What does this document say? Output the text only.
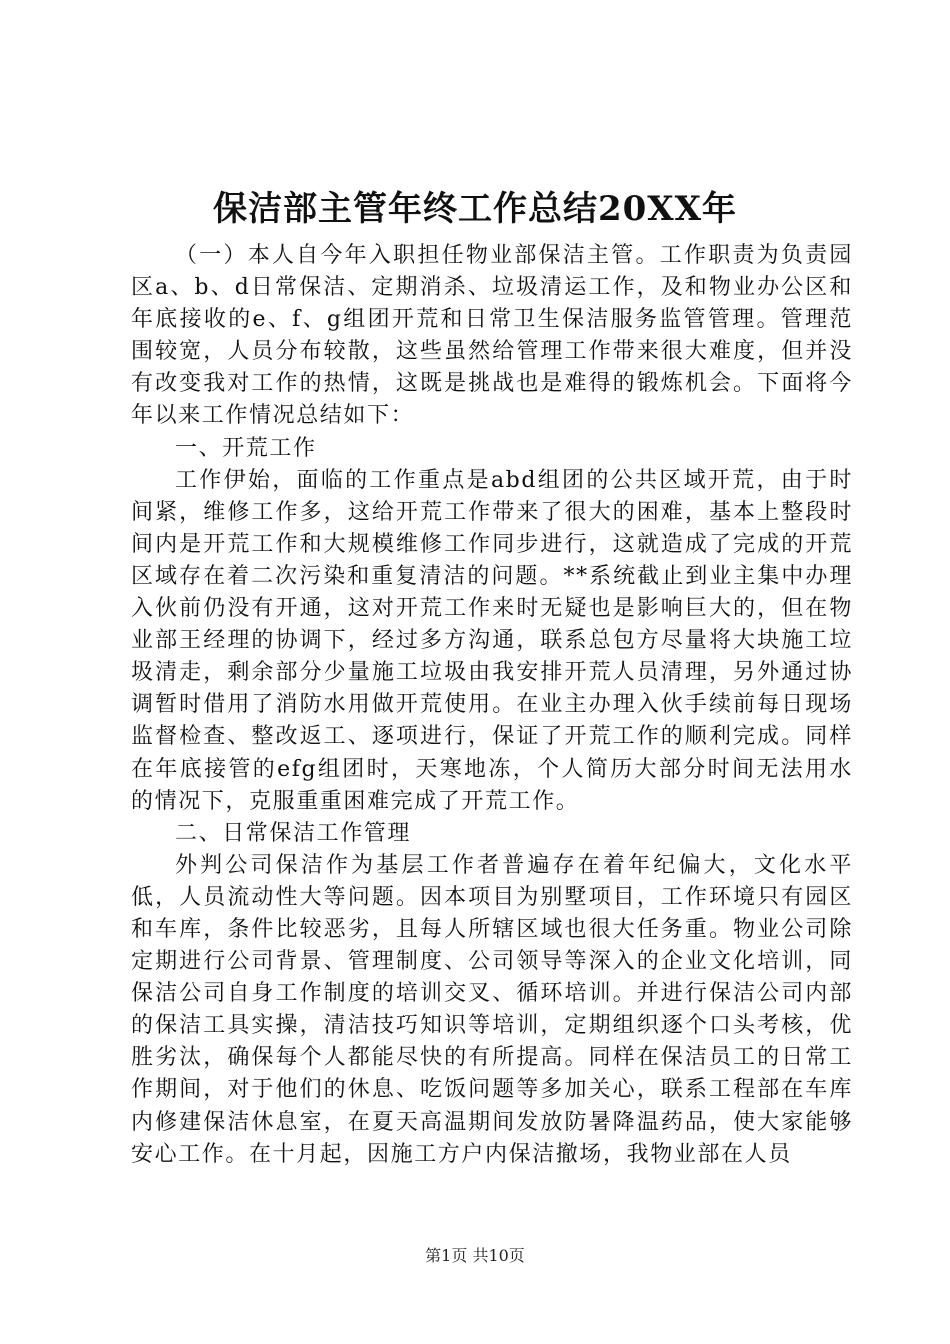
保洁部主管年终工作总结20XX年

（一）本人自今年入职担任物业部保洁主管。工作职责为负责园区a、b、d日常保洁、定期消杀、垃圾清运工作，及和物业办公区和年底接收的e、f、g组团开荒和日常卫生保洁服务监管管理。管理范围较宽，人员分布较散，这些虽然给管理工作带来很大难度，但并没有改变我对工作的热情，这既是挑战也是难得的锻炼机会。下面将今年以来工作情况总结如下：

一、开荒工作

工作伊始，面临的工作重点是abd组团的公共区域开荒，由于时间紧，维修工作多，这给开荒工作带来了很大的困难，基本上整段时间内是开荒工作和大规模维修工作同步进行，这就造成了完成的开荒区域存在着二次污染和重复清洁的问题。**系统截止到业主集中办理入伙前仍没有开通，这对开荒工作来时无疑也是影响巨大的，但在物业部王经理的协调下，经过多方沟通，联系总包方尽量将大块施工垃圾清走，剩余部分少量施工垃圾由我安排开荒人员清理，另外通过协调暂时借用了消防水用做开荒使用。在业主办理入伙手续前每日现场监督检查、整改返工、逐项进行，保证了开荒工作的顺利完成。同样在年底接管的efg组团时，天寒地冻，个人简历大部分时间无法用水的情况下，克服重重困难完成了开荒工作。

二、日常保洁工作管理

外判公司保洁作为基层工作者普遍存在着年纪偏大，文化水平低，人员流动性大等问题。因本项目为别墅项目，工作环境只有园区和车库，条件比较恶劣，且每人所辖区域也很大任务重。物业公司除定期进行公司背景、管理制度、公司领导等深入的企业文化培训，同保洁公司自身工作制度的培训交叉、循环培训。并进行保洁公司内部的保洁工具实操，清洁技巧知识等培训，定期组织逐个口头考核，优胜劣汰，确保每个人都能尽快的有所提高。同样在保洁员工的日常工作期间，对于他们的休息、吃饭问题等多加关心，联系工程部在车库内修建保洁休息室，在夏天高温期间发放防暑降温药品，使大家能够安心工作。在十月起，因施工方户内保洁撤场，我物业部在人员

第1页 共10页
